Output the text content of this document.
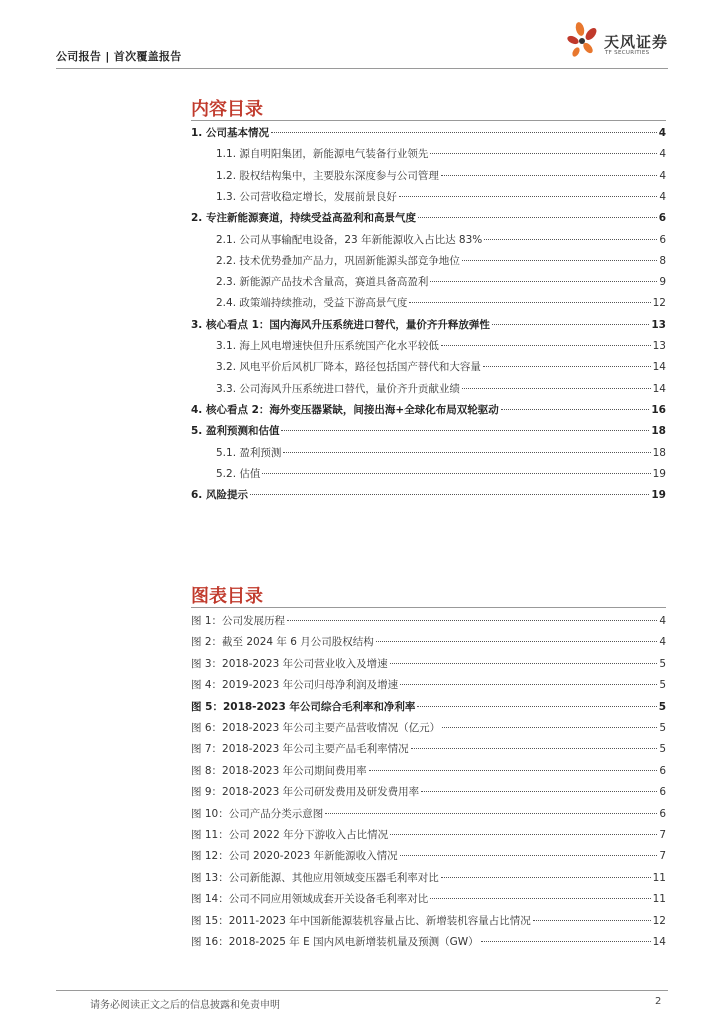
公司报告 | 首次覆盖报告
天风证券
TF SECURITIES
内容目录
1. 公司基本情况	4
1.1. 源自明阳集团，新能源电气装备行业领先	4
1.2. 股权结构集中，主要股东深度参与公司管理	4
1.3. 公司营收稳定增长，发展前景良好	4
2. 专注新能源赛道，持续受益高盈利和高景气度	6
2.1. 公司从事输配电设备，23 年新能源收入占比达 83%	6
2.2. 技术优势叠加产品力，巩固新能源头部竞争地位	8
2.3. 新能源产品技术含量高，赛道具备高盈利	9
2.4. 政策端持续推动，受益下游高景气度	12
3. 核心看点 1：国内海风升压系统进口替代，量价齐升释放弹性	13
3.1. 海上风电增速快但升压系统国产化水平较低	13
3.2. 风电平价后风机厂降本，路径包括国产替代和大容量	14
3.3. 公司海风升压系统进口替代，量价齐升贡献业绩	14
4. 核心看点 2：海外变压器紧缺，间接出海+全球化布局双轮驱动	16
5. 盈利预测和估值	18
5.1. 盈利预测	18
5.2. 估值	19
6. 风险提示	19
图表目录
图 1：公司发展历程	4
图 2：截至 2024 年 6 月公司股权结构	4
图 3：2018-2023 年公司营业收入及增速	5
图 4：2019-2023 年公司归母净利润及增速	5
图 5：2018-2023 年公司综合毛利率和净利率	5
图 6：2018-2023 年公司主要产品营收情况（亿元）	5
图 7：2018-2023 年公司主要产品毛利率情况	5
图 8：2018-2023 年公司期间费用率	6
图 9：2018-2023 年公司研发费用及研发费用率	6
图 10：公司产品分类示意图	6
图 11：公司 2022 年分下游收入占比情况	7
图 12：公司 2020-2023 年新能源收入情况	7
图 13：公司新能源、其他应用领域变压器毛利率对比	11
图 14：公司不同应用领域成套开关设备毛利率对比	11
图 15：2011-2023 年中国新能源装机容量占比、新增装机容量占比情况	12
图 16：2018-2025 年 E 国内风电新增装机量及预测（GW）	14
请务必阅读正文之后的信息披露和免责申明	2
